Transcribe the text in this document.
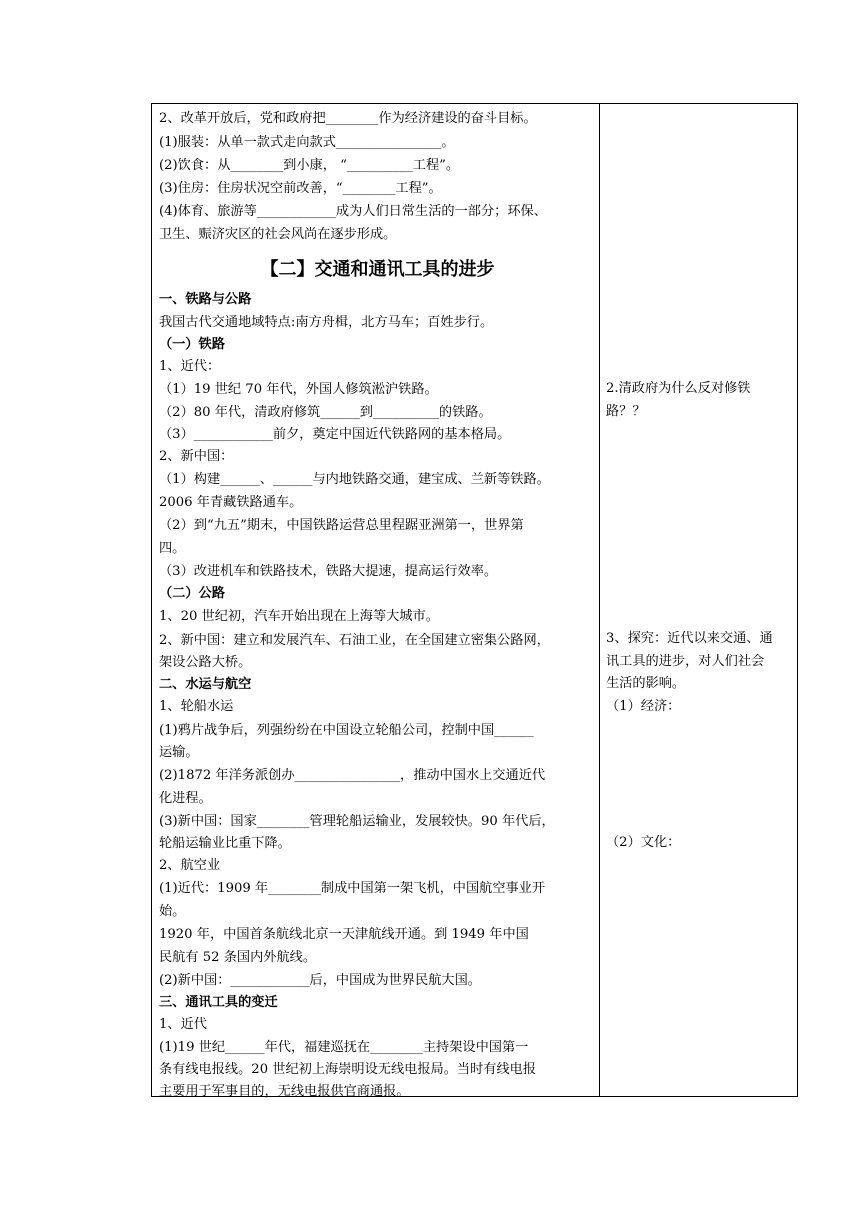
2、改革开放后，党和政府把________作为经济建设的奋斗目标。
(1)服装：从单一款式走向款式________________。
(2)饮食：从________到小康， “__________工程”。
(3)住房：住房状况空前改善，“________工程”。
(4)体育、旅游等____________成为人们日常生活的一部分；环保、
卫生、赈济灾区的社会风尚在逐步形成。
【二】交通和通讯工具的进步
一、铁路与公路
我国古代交通地域特点:南方舟楫，北方马车；百姓步行。
（一）铁路
1、近代：
（1）19 世纪 70 年代，外国人修筑淞沪铁路。
（2）80 年代，清政府修筑______到__________的铁路。
（3）____________前夕，奠定中国近代铁路网的基本格局。
2、新中国：
（1）构建______、______与内地铁路交通，建宝成、兰新等铁路。
2006 年青藏铁路通车。
（2）到“九五”期末，中国铁路运营总里程踞亚洲第一，世界第
四。
（3）改进机车和铁路技术，铁路大提速，提高运行效率。
（二）公路
1、20 世纪初，汽车开始出现在上海等大城市。
2、新中国：建立和发展汽车、石油工业，在全国建立密集公路网，
架设公路大桥。
二、水运与航空
1、轮船水运
(1)鸦片战争后，列强纷纷在中国设立轮船公司，控制中国______
运输。
(2)1872 年洋务派创办________________，推动中国水上交通近代
化进程。
(3)新中国：国家________管理轮船运输业，发展较快。90 年代后，
轮船运输业比重下降。
2、航空业
(1)近代：1909 年________制成中国第一架飞机，中国航空事业开
始。
1920 年，中国首条航线北京一天津航线开通。到 1949 年中国
民航有 52 条国内外航线。
(2)新中国：____________后，中国成为世界民航大国。
三、通讯工具的变迁
1、近代
(1)19 世纪______年代，福建巡抚在________主持架设中国第一
条有线电报线。20 世纪初上海崇明设无线电报局。当时有线电报
主要用于军事目的，无线电报供官商通报。
2.清政府为什么反对修铁
路？？
3、探究：近代以来交通、通
讯工具的进步，对人们社会
生活的影响。
（1）经济：
（2）文化：
